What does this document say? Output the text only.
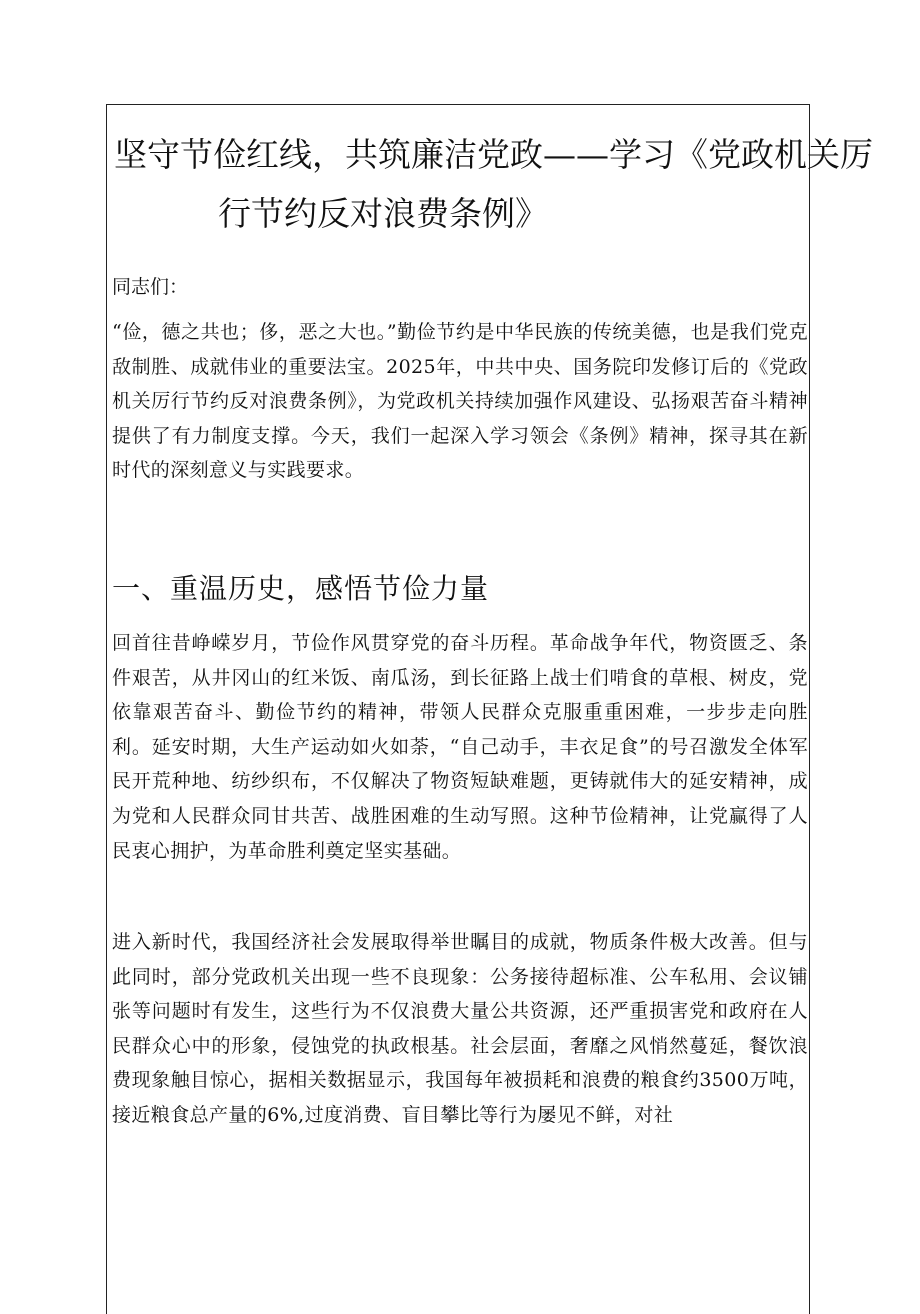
坚守节俭红线，共筑廉洁党政——学习《党政机关厉
行节约反对浪费条例》

同志们：

“俭，德之共也；侈，恶之大也。”勤俭节约是中华民族的传统美德，也是我们党克敌制胜、成就伟业的重要法宝。2025年，中共中央、国务院印发修订后的《党政机关厉行节约反对浪费条例》，为党政机关持续加强作风建设、弘扬艰苦奋斗精神提供了有力制度支撑。今天，我们一起深入学习领会《条例》精神，探寻其在新时代的深刻意义与实践要求。

一、重温历史，感悟节俭力量

回首往昔峥嵘岁月，节俭作风贯穿党的奋斗历程。革命战争年代，物资匮乏、条件艰苦，从井冈山的红米饭、南瓜汤，到长征路上战士们啃食的草根、树皮，党依靠艰苦奋斗、勤俭节约的精神，带领人民群众克服重重困难，一步步走向胜利。延安时期，大生产运动如火如荼，“自己动手，丰衣足食”的号召激发全体军民开荒种地、纺纱织布，不仅解决了物资短缺难题，更铸就伟大的延安精神，成为党和人民群众同甘共苦、战胜困难的生动写照。这种节俭精神，让党赢得了人民衷心拥护，为革命胜利奠定坚实基础。

进入新时代，我国经济社会发展取得举世瞩目的成就，物质条件极大改善。但与此同时，部分党政机关出现一些不良现象：公务接待超标准、公车私用、会议铺张等问题时有发生，这些行为不仅浪费大量公共资源，还严重损害党和政府在人民群众心中的形象，侵蚀党的执政根基。社会层面，奢靡之风悄然蔓延，餐饮浪费现象触目惊心，据相关数据显示，我国每年被损耗和浪费的粮食约3500万吨，接近粮食总产量的6%,过度消费、盲目攀比等行为屡见不鲜，对社
